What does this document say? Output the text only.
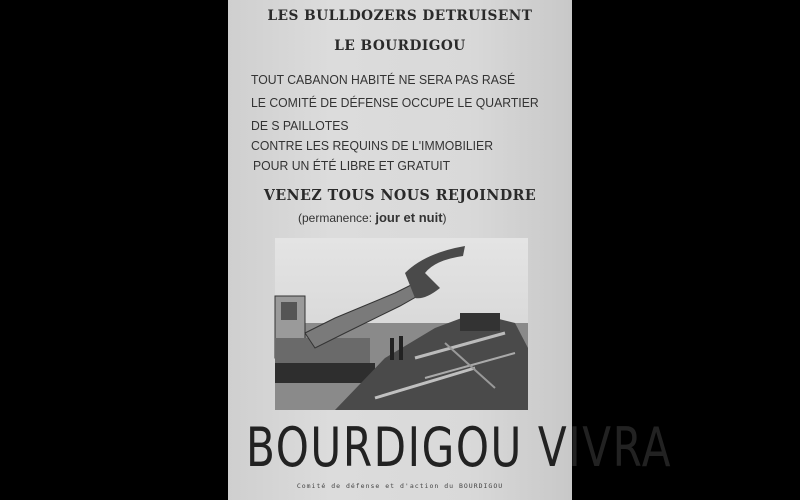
LES BULLDOZERS DETRUISENT
LE BOURDIGOU
TOUT CABANON HABITÉ NE SERA PAS RASÉ
LE COMITÉ DE DÉFENSE OCCUPE LE QUARTIER
DE S PAILLOTES
CONTRE LES REQUINS DE L'IMMOBILIER
POUR UN ÉTÉ LIBRE ET GRATUIT
VENEZ TOUS NOUS REJOINDRE
(permanence: jour et nuit)
BOURDIGOU VIVRA
Comité de défense et d'action du BOURDIGOU
